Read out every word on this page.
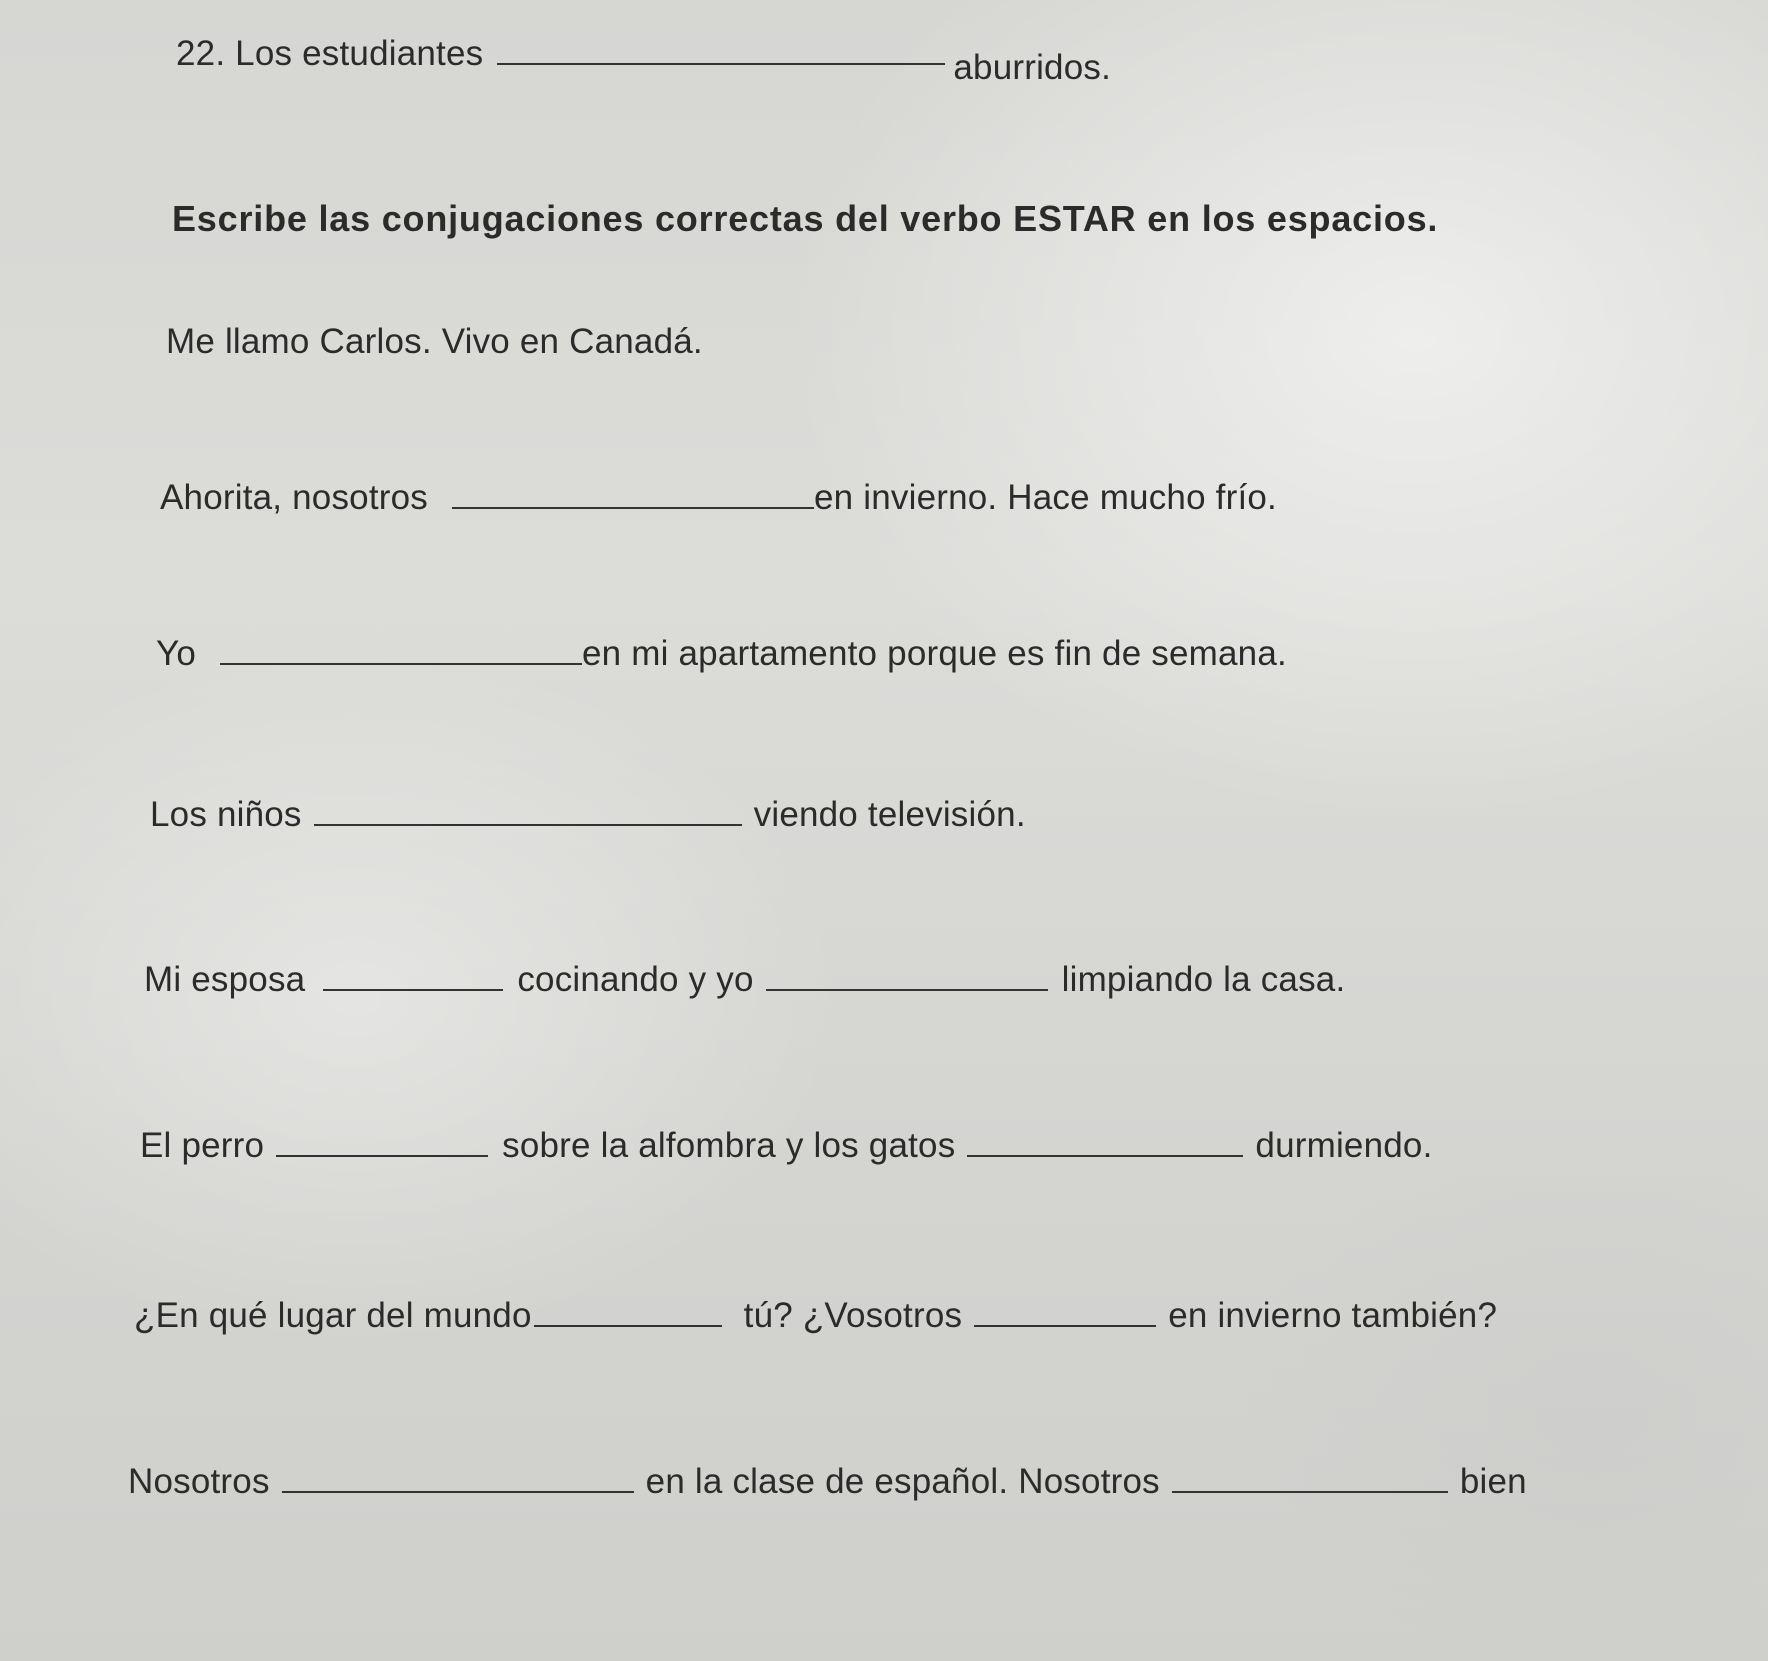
22. Los estudiantes	aburridos.
Escribe las conjugaciones correctas del verbo ESTAR en los espacios.
Me llamo Carlos. Vivo en Canadá.
Ahorita, nosotros	en invierno. Hace mucho frío.
Yo	en mi apartamento porque es fin de semana.
Los niños	viendo televisión.
Mi esposa	cocinando y yo	limpiando la casa.
El perro	sobre la alfombra y los gatos	durmiendo.
¿En qué lugar del mundo	tú? ¿Vosotros	en invierno también?
Nosotros	en la clase de español. Nosotros	bien
